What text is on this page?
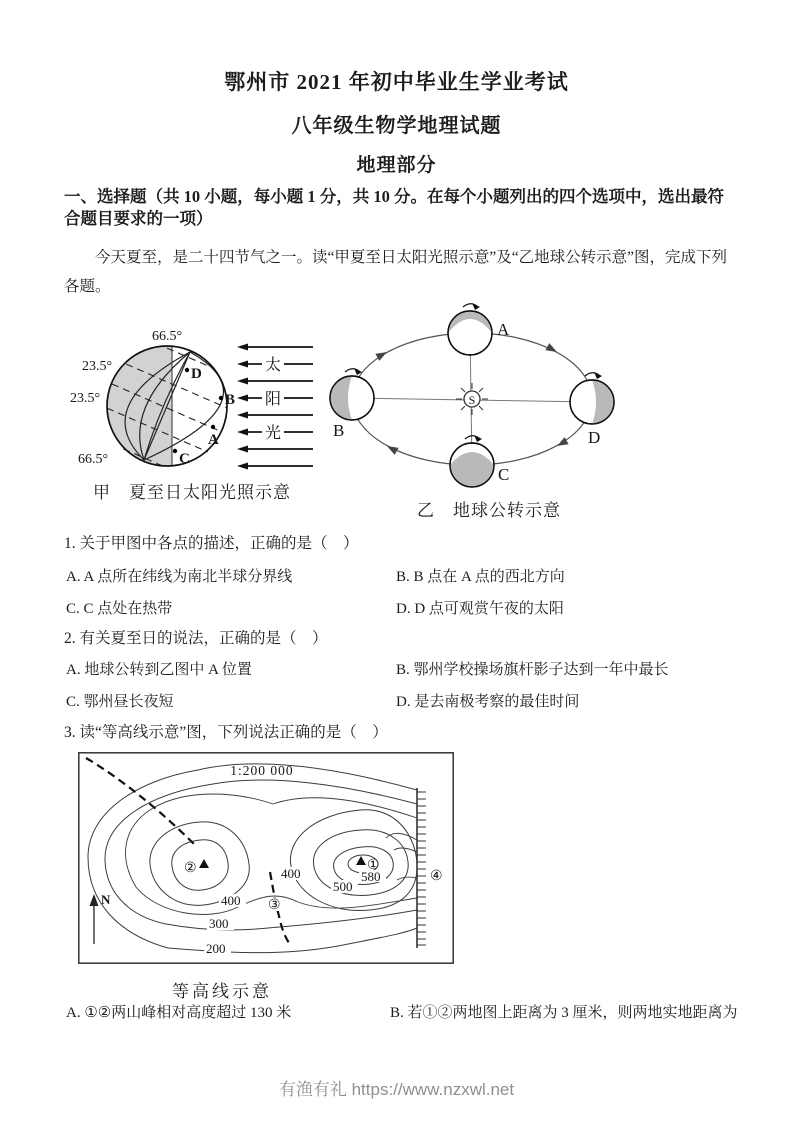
鄂州市 2021 年初中毕业生学业考试
八年级生物学地理试题
地理部分
一、选择题（共 10 小题，每小题 1 分，共 10 分。在每个小题列出的四个选项中，选出最符合题目要求的一项）
今天夏至，是二十四节气之一。读“甲夏至日太阳光照示意”及“乙地球公转示意”图，完成下列各题。
66.5°
23.5°
23.5°
66.5°
D
B
A
C
太
阳
光
甲　夏至日太阳光照示意
S
A
B
C
D
乙　地球公转示意
1. 关于甲图中各点的描述，正确的是（　）
A. A 点所在纬线为南北半球分界线	B. B 点在 A 点的西北方向
C. C 点处在热带	D. D 点可观赏午夜的太阳
2. 有关夏至日的说法，正确的是（　）
A. 地球公转到乙图中 A 位置	B. 鄂州学校操场旗杆影子达到一年中最长
C. 鄂州昼长夜短	D. 是去南极考察的最佳时间
3. 读“等高线示意”图，下列说法正确的是（　）
N
1:200 000
400
500
580
400
300
200
②	①
③
④
等高线示意
A. ①②两山峰相对高度超过 130 米	B. 若①②两地图上距离为 3 厘米，则两地实地距离为
有渔有礼 https://www.nzxwl.net
